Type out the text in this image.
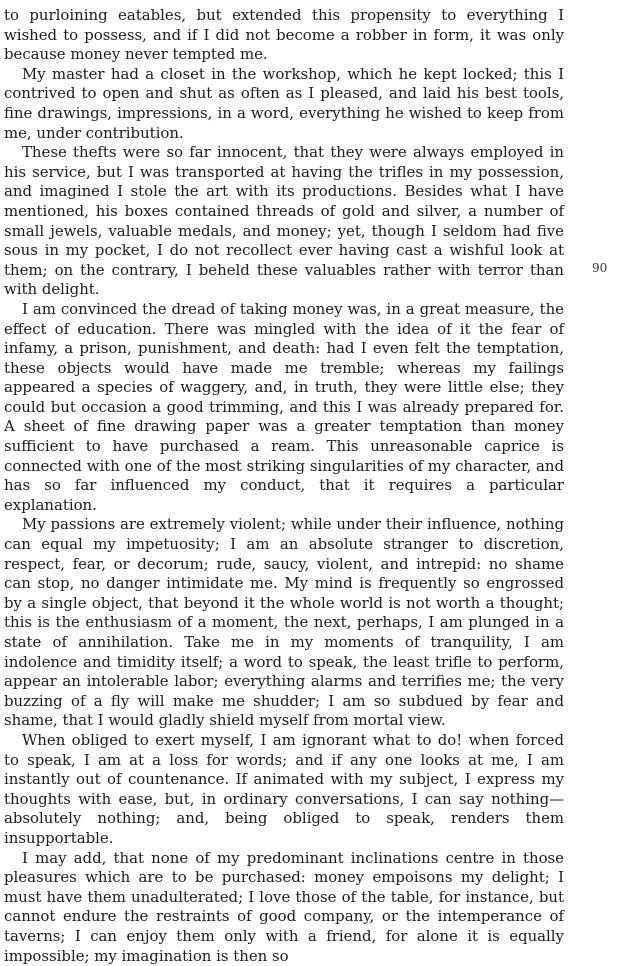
to purloining eatables, but extended this propensity to everything I wished to possess, and if I did not become a robber in form, it was only because money never tempted me.

My master had a closet in the workshop, which he kept locked; this I contrived to open and shut as often as I pleased, and laid his best tools, fine drawings, impressions, in a word, everything he wished to keep from me, under contribution.

These thefts were so far innocent, that they were always employed in his service, but I was transported at having the trifles in my possession, and imagined I stole the art with its productions. Besides what I have mentioned, his boxes contained threads of gold and silver, a number of small jewels, valuable medals, and money; yet, though I seldom had five sous in my pocket, I do not recollect ever having cast a wishful look at them; on the contrary, I beheld these valuables rather with terror than with delight.

I am convinced the dread of taking money was, in a great measure, the effect of education. There was mingled with the idea of it the fear of infamy, a prison, punishment, and death: had I even felt the temptation, these objects would have made me tremble; whereas my failings appeared a species of waggery, and, in truth, they were little else; they could but occasion a good trimming, and this I was already prepared for. A sheet of fine drawing paper was a greater temptation than money sufficient to have purchased a ream. This unreasonable caprice is connected with one of the most striking singularities of my character, and has so far influenced my conduct, that it requires a particular explanation.

My passions are extremely violent; while under their influence, nothing can equal my impetuosity; I am an absolute stranger to discretion, respect, fear, or decorum; rude, saucy, violent, and intrepid: no shame can stop, no danger intimidate me. My mind is frequently so engrossed by a single object, that beyond it the whole world is not worth a thought; this is the enthusiasm of a moment, the next, perhaps, I am plunged in a state of annihilation. Take me in my moments of tranquility, I am indolence and timidity itself; a word to speak, the least trifle to perform, appear an intolerable labor; everything alarms and terrifies me; the very buzzing of a fly will make me shudder; I am so subdued by fear and shame, that I would gladly shield myself from mortal view.

When obliged to exert myself, I am ignorant what to do! when forced to speak, I am at a loss for words; and if any one looks at me, I am instantly out of countenance. If animated with my subject, I express my thoughts with ease, but, in ordinary conversations, I can say nothing—absolutely nothing; and, being obliged to speak, renders them insupportable.

I may add, that none of my predominant inclinations centre in those pleasures which are to be purchased: money empoisons my delight; I must have them unadulterated; I love those of the table, for instance, but cannot endure the restraints of good company, or the intemperance of taverns; I can enjoy them only with a friend, for alone it is equally impossible; my imagination is then so

90
